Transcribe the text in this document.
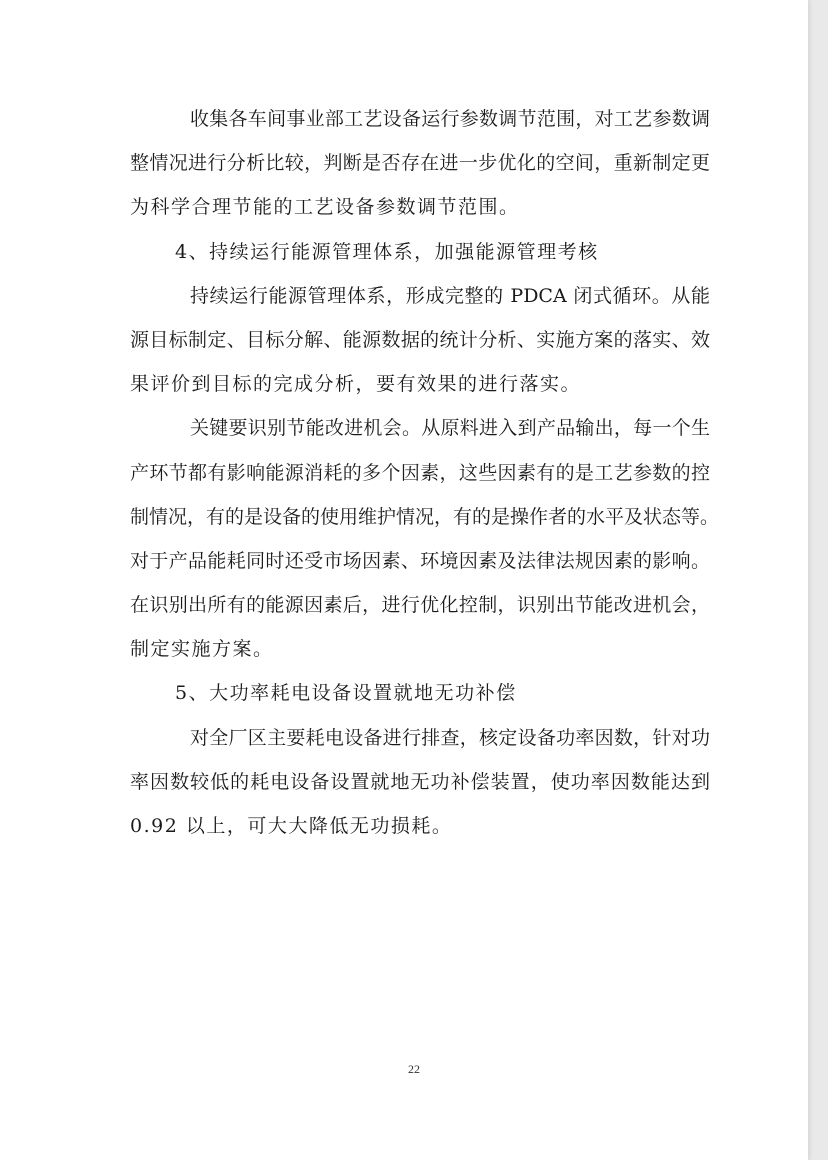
收集各车间事业部工艺设备运行参数调节范围，对工艺参数调
整情况进行分析比较，判断是否存在进一步优化的空间，重新制定更
为科学合理节能的工艺设备参数调节范围。
4、持续运行能源管理体系，加强能源管理考核
持续运行能源管理体系，形成完整的 PDCA 闭式循环。从能
源目标制定、目标分解、能源数据的统计分析、实施方案的落实、效
果评价到目标的完成分析，要有效果的进行落实。
关键要识别节能改进机会。从原料进入到产品输出，每一个生
产环节都有影响能源消耗的多个因素，这些因素有的是工艺参数的控
制情况，有的是设备的使用维护情况，有的是操作者的水平及状态等。
对于产品能耗同时还受市场因素、环境因素及法律法规因素的影响。
在识别出所有的能源因素后，进行优化控制，识别出节能改进机会，
制定实施方案。
5、大功率耗电设备设置就地无功补偿
对全厂区主要耗电设备进行排查，核定设备功率因数，针对功
率因数较低的耗电设备设置就地无功补偿装置，使功率因数能达到
0.92 以上，可大大降低无功损耗。
22
